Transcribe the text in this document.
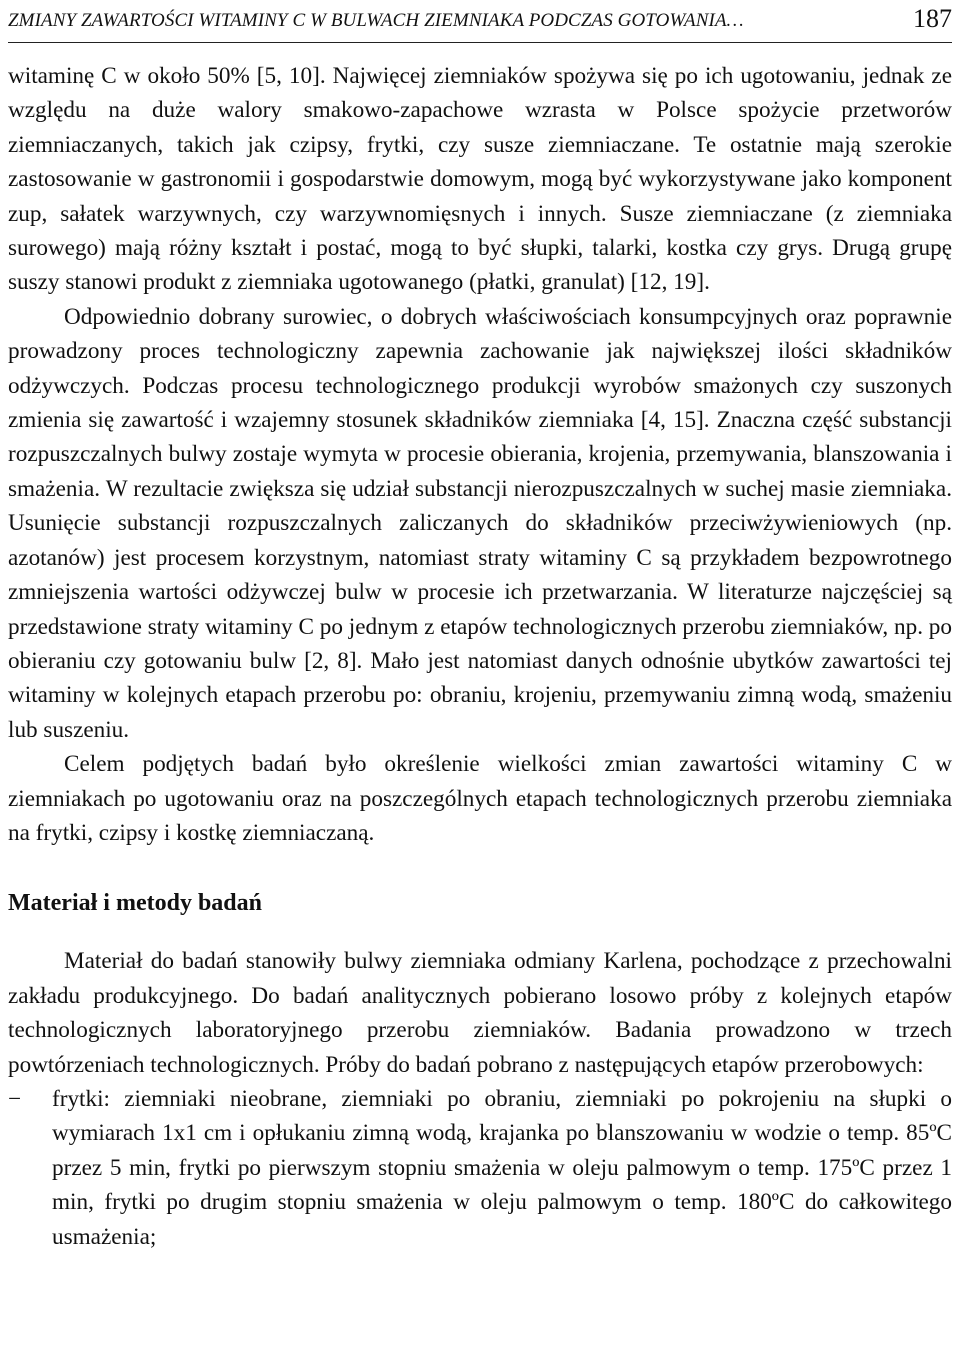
ZMIANY ZAWARTOŚCI WITAMINY C W BULWACH ZIEMNIAKA PODCZAS GOTOWANIA…	187

witaminę C w około 50% [5, 10]. Najwięcej ziemniaków spożywa się po ich ugotowaniu, jednak ze względu na duże walory smakowo-zapachowe wzrasta w Polsce spożycie przetworów ziemniaczanych, takich jak czipsy, frytki, czy susze ziemniaczane. Te ostatnie mają szerokie zastosowanie w gastronomii i gospodarstwie domowym, mogą być wykorzystywane jako komponent zup, sałatek warzywnych, czy warzywnomięsnych i innych. Susze ziemniaczane (z ziemniaka surowego) mają różny kształt i postać, mogą to być słupki, talarki, kostka czy grys. Drugą grupę suszy stanowi produkt z ziemniaka ugotowanego (płatki, granulat) [12, 19].

Odpowiednio dobrany surowiec, o dobrych właściwościach konsumpcyjnych oraz poprawnie prowadzony proces technologiczny zapewnia zachowanie jak największej ilości składników odżywczych. Podczas procesu technologicznego produkcji wyrobów smażonych czy suszonych zmienia się zawartość i wzajemny stosunek składników ziemniaka [4, 15]. Znaczna część substancji rozpuszczalnych bulwy zostaje wymyta w procesie obierania, krojenia, przemywania, blanszowania i smażenia. W rezultacie zwiększa się udział substancji nierozpuszczalnych w suchej masie ziemniaka. Usunięcie substancji rozpuszczalnych zaliczanych do składników przeciwżywieniowych (np. azotanów) jest procesem korzystnym, natomiast straty witaminy C są przykładem bezpowrotnego zmniejszenia wartości odżywczej bulw w procesie ich przetwarzania. W literaturze najczęściej są przedstawione straty witaminy C po jednym z etapów technologicznych przerobu ziemniaków, np. po obieraniu czy gotowaniu bulw [2, 8]. Mało jest natomiast danych odnośnie ubytków zawartości tej witaminy w kolejnych etapach przerobu po: obraniu, krojeniu, przemywaniu zimną wodą, smażeniu lub suszeniu.

Celem podjętych badań było określenie wielkości zmian zawartości witaminy C w ziemniakach po ugotowaniu oraz na poszczególnych etapach technologicznych przerobu ziemniaka na frytki, czipsy i kostkę ziemniaczaną.

Materiał i metody badań

Materiał do badań stanowiły bulwy ziemniaka odmiany Karlena, pochodzące z przechowalni zakładu produkcyjnego. Do badań analitycznych pobierano losowo próby z kolejnych etapów technologicznych laboratoryjnego przerobu ziemniaków. Badania prowadzono w trzech powtórzeniach technologicznych. Próby do badań pobrano z następujących etapów przerobowych:

− frytki: ziemniaki nieobrane, ziemniaki po obraniu, ziemniaki po pokrojeniu na słupki o wymiarach 1x1 cm i opłukaniu zimną wodą, krajanka po blanszowaniu w wodzie o temp. 85ºC przez 5 min, frytki po pierwszym stopniu smażenia w oleju palmowym o temp. 175ºC przez 1 min, frytki po drugim stopniu smażenia w oleju palmowym o temp. 180ºC do całkowitego usmażenia;
